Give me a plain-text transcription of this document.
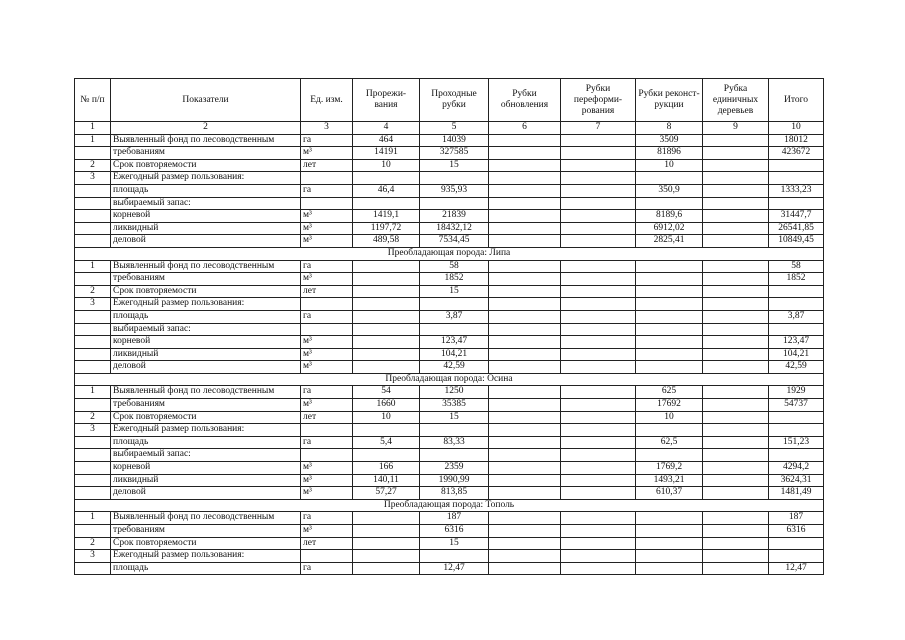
№ п/п	Показатели	Ед. изм.	Прорежи-вания	Проходные рубки	Рубки обновления	Рубки переформи-рования	Рубки реконст-рукции	Рубка единичных деревьев	Итого
1	2	3	4	5	6	7	8	9	10
1	Выявленный фонд по лесоводственным	га	464	14039			3509		18012
	требованиям	м³	14191	327585			81896		423672
2	Срок повторяемости	лет	10	15			10		
3	Ежегодный размер пользования:								
	площадь	га	46,4	935,93			350,9		1333,23
	выбираемый запас:								
	корневой	м³	1419,1	21839			8189,6		31447,7
	ликвидный	м³	1197,72	18432,12			6912,02		26541,85
	деловой	м³	489,58	7534,45			2825,41		10849,45
Преобладающая порода: Липа									
1	Выявленный фонд по лесоводственным	га		58					58
	требованиям	м³		1852					1852
2	Срок повторяемости	лет		15					
3	Ежегодный размер пользования:								
	площадь	га		3,87					3,87
	выбираемый запас:								
	корневой	м³		123,47					123,47
	ликвидный	м³		104,21					104,21
	деловой	м³		42,59					42,59
Преобладающая порода: Осина									
1	Выявленный фонд по лесоводственным	га	54	1250			625		1929
	требованиям	м³	1660	35385			17692		54737
2	Срок повторяемости	лет	10	15			10		
3	Ежегодный размер пользования:								
	площадь	га	5,4	83,33			62,5		151,23
	выбираемый запас:								
	корневой	м³	166	2359			1769,2		4294,2
	ликвидный	м³	140,11	1990,99			1493,21		3624,31
	деловой	м³	57,27	813,85			610,37		1481,49
Преобладающая порода: Тополь									
1	Выявленный фонд по лесоводственным	га		187					187
	требованиям	м³		6316					6316
2	Срок повторяемости	лет		15					
3	Ежегодный размер пользования:								
	площадь	га		12,47					12,47
